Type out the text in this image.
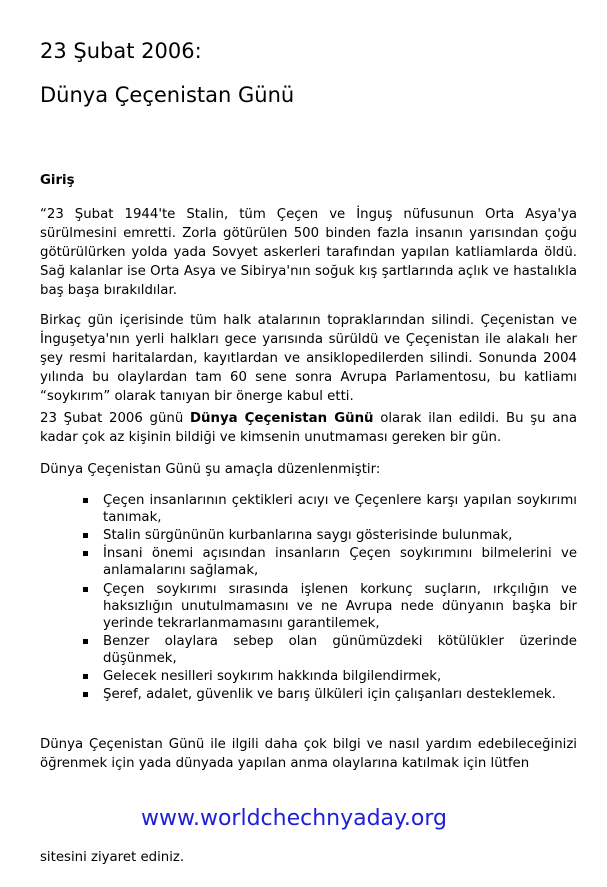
23 Şubat 2006:
Dünya Çeçenistan Günü
Giriş

“23 Şubat 1944'te Stalin, tüm Çeçen ve İnguş nüfusunun Orta Asya'ya sürülmesini emretti. Zorla götürülen 500 binden fazla insanın yarısından çoğu götürülürken yolda yada Sovyet askerleri tarafından yapılan katliamlarda öldü. Sağ kalanlar ise Orta Asya ve Sibirya'nın soğuk kış şartlarında açlık ve hastalıkla baş başa bırakıldılar.

Birkaç gün içerisinde tüm halk atalarının topraklarından silindi. Çeçenistan ve İnguşetya'nın yerli halkları gece yarısında sürüldü ve Çeçenistan ile alakalı her şey resmi haritalardan, kayıtlardan ve ansiklopedilerden silindi. Sonunda 2004 yılında bu olaylardan tam 60 sene sonra Avrupa Parlamentosu, bu katliamı “soykırım” olarak tanıyan bir önerge kabul etti.

23 Şubat 2006 günü Dünya Çeçenistan Günü olarak ilan edildi. Bu şu ana kadar çok az kişinin bildiği ve kimsenin unutmaması gereken bir gün.

Dünya Çeçenistan Günü şu amaçla düzenlenmiştir:

Çeçen insanlarının çektikleri acıyı ve Çeçenlere karşı yapılan soykırımı tanımak,
Stalin sürgününün kurbanlarına saygı gösterisinde bulunmak,
İnsani önemi açısından insanların Çeçen soykırımını bilmelerini ve anlamalarını sağlamak,
Çeçen soykırımı sırasında işlenen korkunç suçların, ırkçılığın ve haksızlığın unutulmamasını ve ne Avrupa nede dünyanın başka bir yerinde tekrarlanmamasını garantilemek,
Benzer olaylara sebep olan günümüzdeki kötülükler üzerinde düşünmek,
Gelecek nesilleri soykırım hakkında bilgilendirmek,
Şeref, adalet, güvenlik ve barış ülküleri için çalışanları desteklemek.

Dünya Çeçenistan Günü ile ilgili daha çok bilgi ve nasıl yardım edebileceğinizi öğrenmek için yada dünyada yapılan anma olaylarına katılmak için lütfen

www.worldchechnyaday.org

sitesini ziyaret ediniz.
